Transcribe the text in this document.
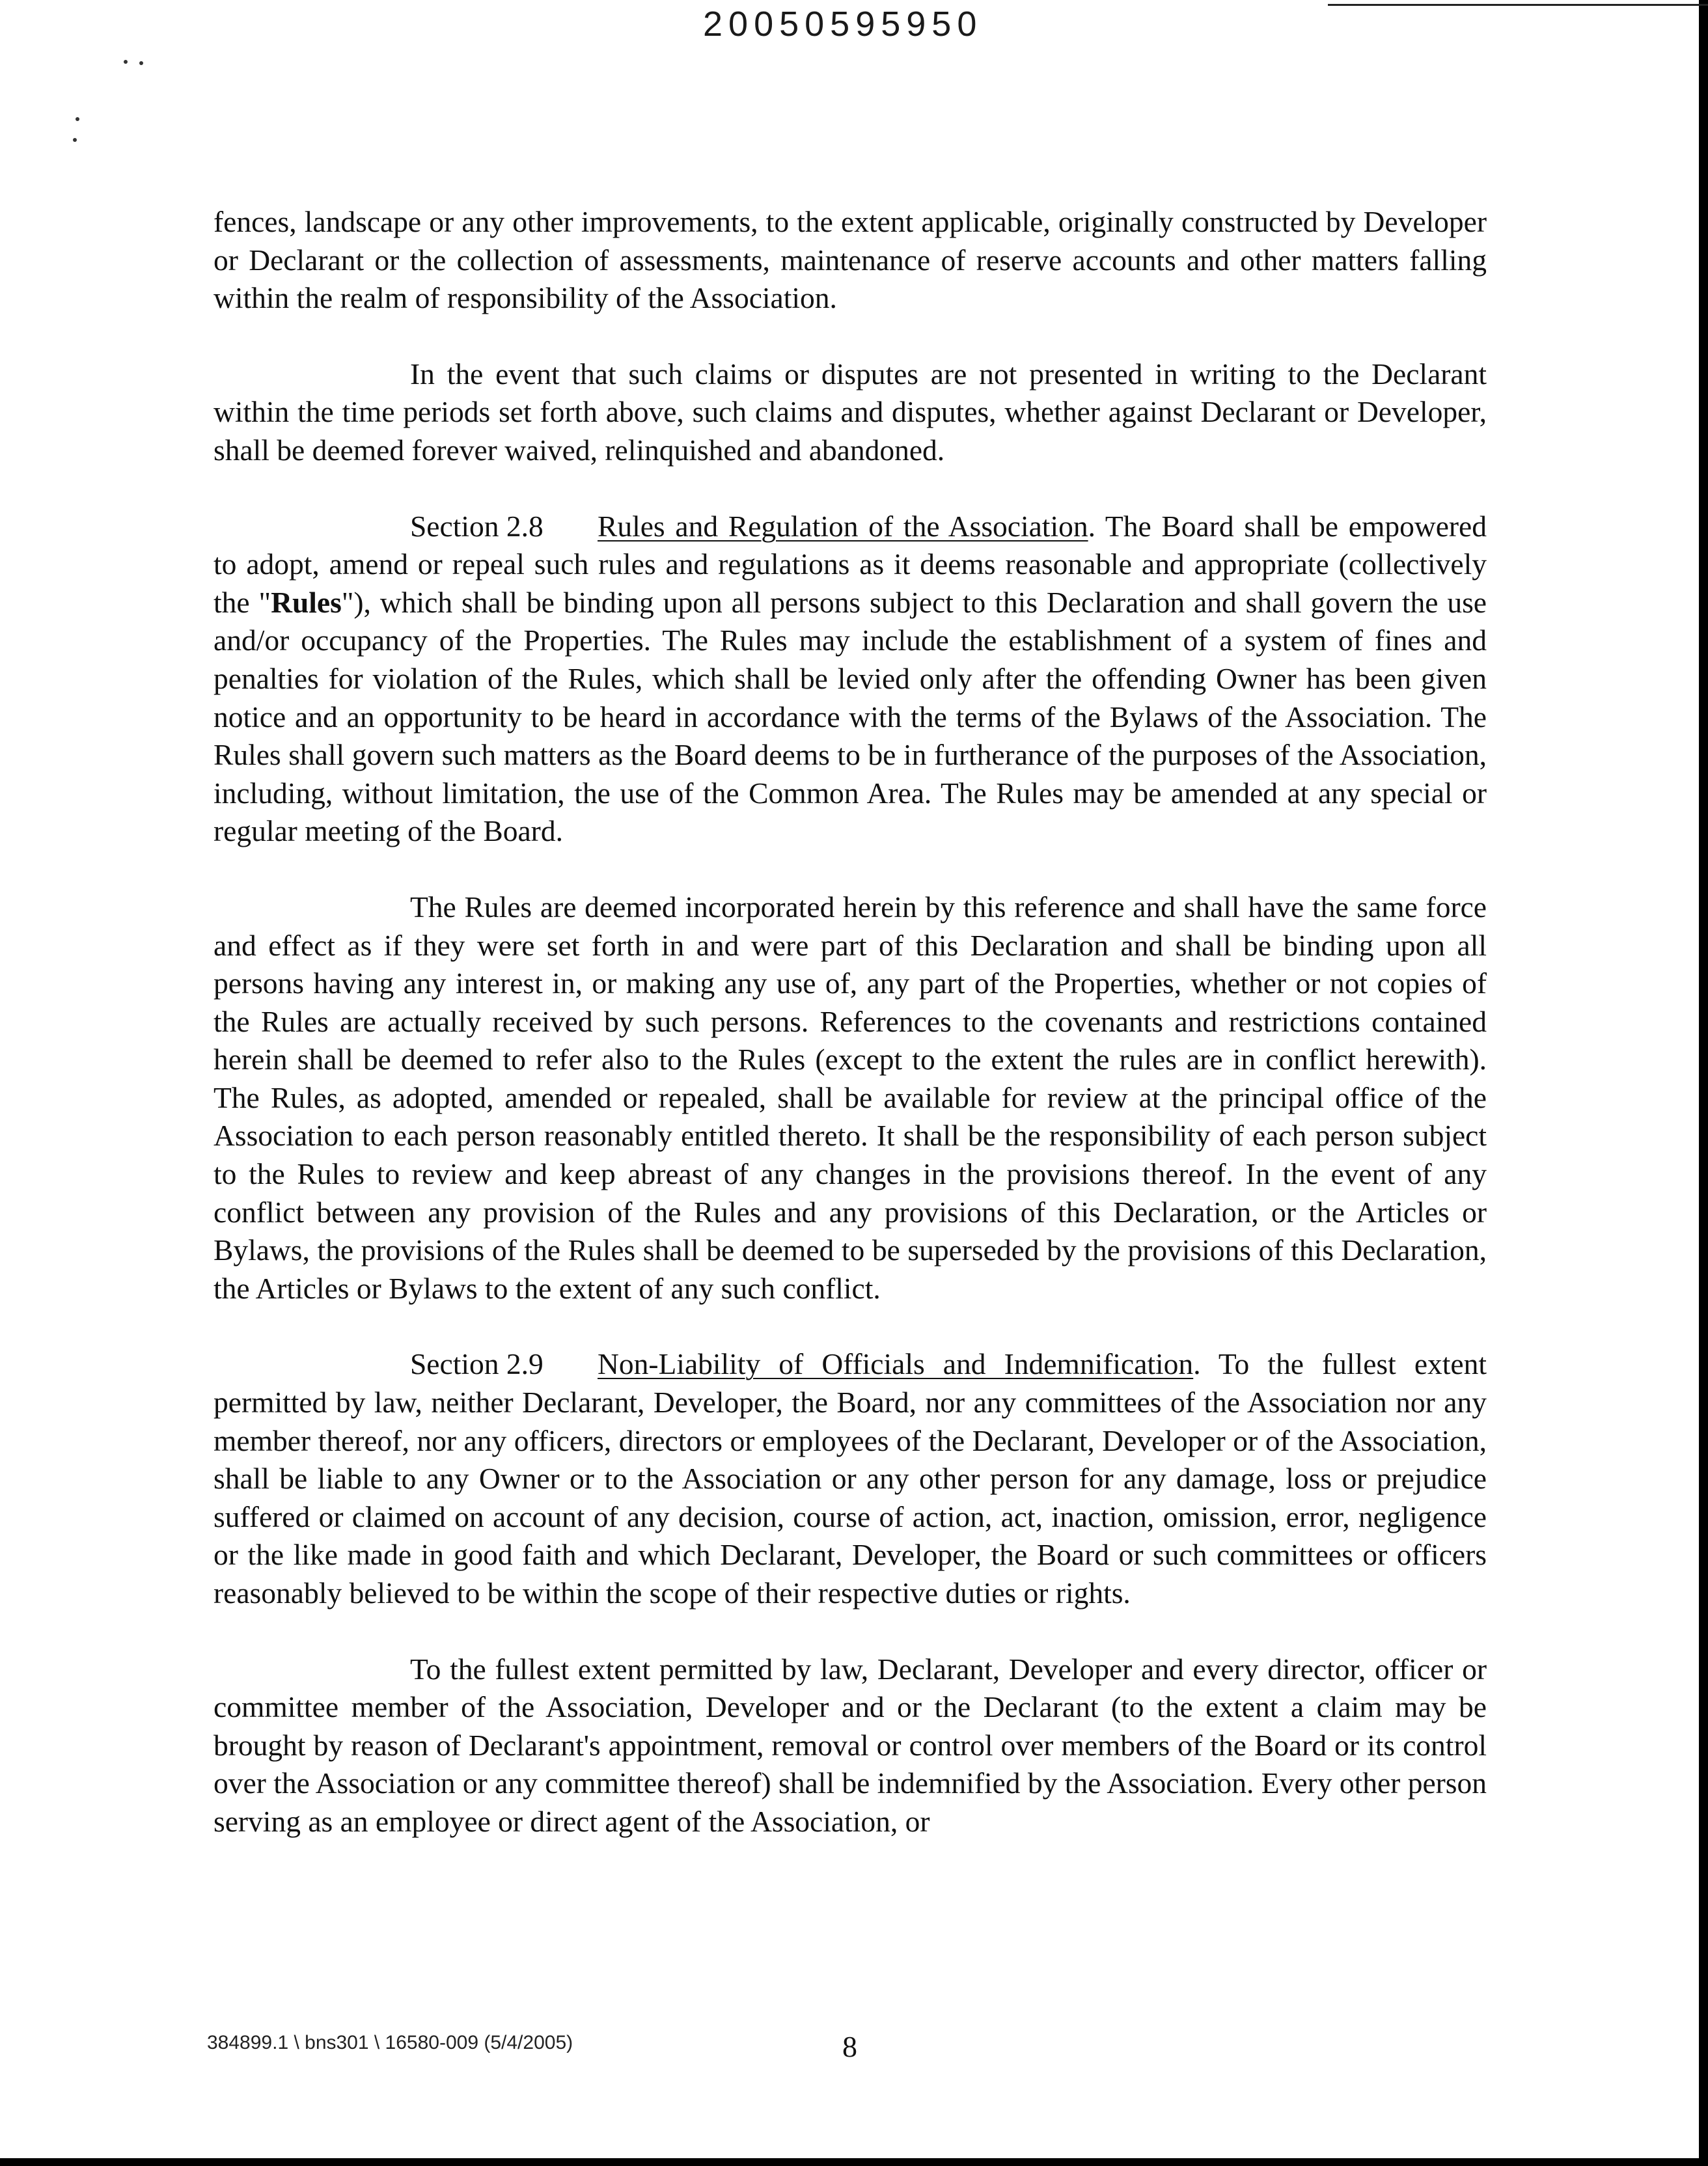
20050595950

fences, landscape or any other improvements, to the extent applicable, originally constructed by Developer or Declarant or the collection of assessments, maintenance of reserve accounts and other matters falling within the realm of responsibility of the Association.

In the event that such claims or disputes are not presented in writing to the Declarant within the time periods set forth above, such claims and disputes, whether against Declarant or Developer, shall be deemed forever waived, relinquished and abandoned.

Section 2.8 Rules and Regulation of the Association. The Board shall be empowered to adopt, amend or repeal such rules and regulations as it deems reasonable and appropriate (collectively the "Rules"), which shall be binding upon all persons subject to this Declaration and shall govern the use and/or occupancy of the Properties. The Rules may include the establishment of a system of fines and penalties for violation of the Rules, which shall be levied only after the offending Owner has been given notice and an opportunity to be heard in accordance with the terms of the Bylaws of the Association. The Rules shall govern such matters as the Board deems to be in furtherance of the purposes of the Association, including, without limitation, the use of the Common Area. The Rules may be amended at any special or regular meeting of the Board.

The Rules are deemed incorporated herein by this reference and shall have the same force and effect as if they were set forth in and were part of this Declaration and shall be binding upon all persons having any interest in, or making any use of, any part of the Properties, whether or not copies of the Rules are actually received by such persons. References to the covenants and restrictions contained herein shall be deemed to refer also to the Rules (except to the extent the rules are in conflict herewith). The Rules, as adopted, amended or repealed, shall be available for review at the principal office of the Association to each person reasonably entitled thereto. It shall be the responsibility of each person subject to the Rules to review and keep abreast of any changes in the provisions thereof. In the event of any conflict between any provision of the Rules and any provisions of this Declaration, or the Articles or Bylaws, the provisions of the Rules shall be deemed to be superseded by the provisions of this Declaration, the Articles or Bylaws to the extent of any such conflict.

Section 2.9 Non-Liability of Officials and Indemnification. To the fullest extent permitted by law, neither Declarant, Developer, the Board, nor any committees of the Association nor any member thereof, nor any officers, directors or employees of the Declarant, Developer or of the Association, shall be liable to any Owner or to the Association or any other person for any damage, loss or prejudice suffered or claimed on account of any decision, course of action, act, inaction, omission, error, negligence or the like made in good faith and which Declarant, Developer, the Board or such committees or officers reasonably believed to be within the scope of their respective duties or rights.

To the fullest extent permitted by law, Declarant, Developer and every director, officer or committee member of the Association, Developer and or the Declarant (to the extent a claim may be brought by reason of Declarant's appointment, removal or control over members of the Board or its control over the Association or any committee thereof) shall be indemnified by the Association. Every other person serving as an employee or direct agent of the Association, or

384899.1 \ bns301 \ 16580-009 (5/4/2005)	8
